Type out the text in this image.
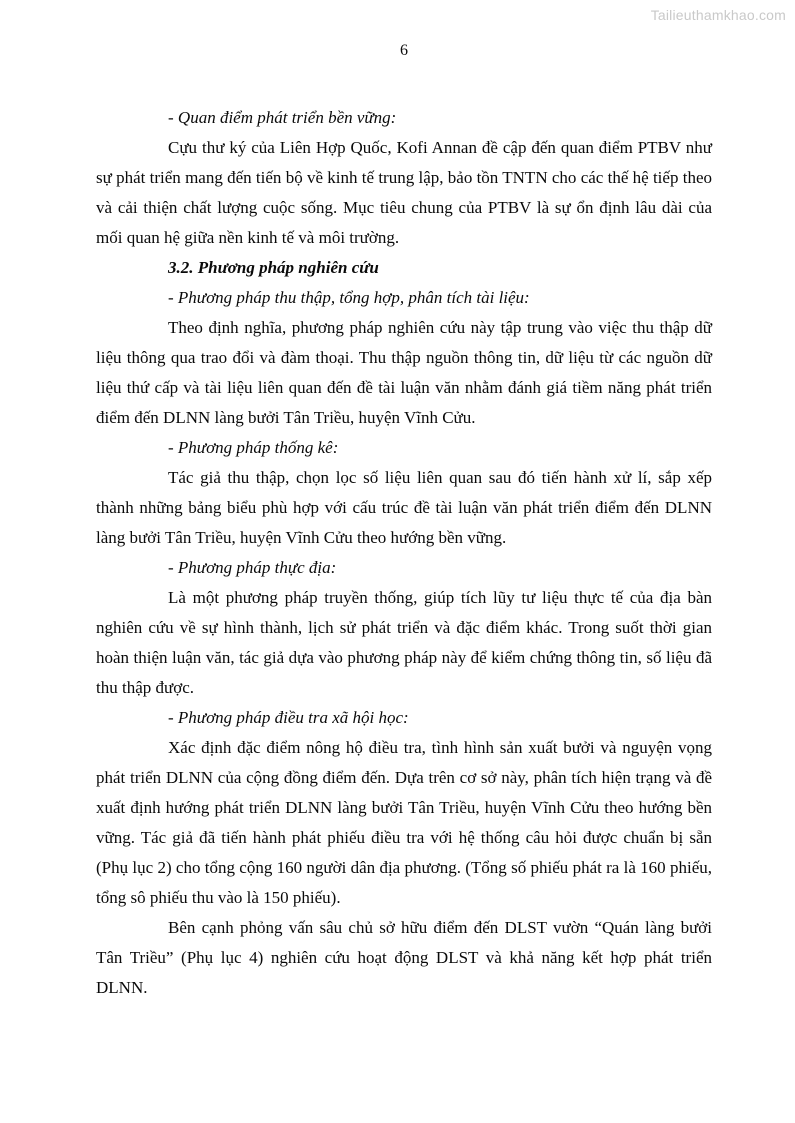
Tailieuthamkhao.com
6

- Quan điểm phát triển bền vững:

Cựu thư ký của Liên Hợp Quốc, Kofi Annan đề cập đến quan điểm PTBV như sự phát triển mang đến tiến bộ về kinh tế trung lập, bảo tồn TNTN cho các thế hệ tiếp theo và cải thiện chất lượng cuộc sống. Mục tiêu chung của PTBV là sự ổn định lâu dài của mối quan hệ giữa nền kinh tế và môi trường.

3.2. Phương pháp nghiên cứu

- Phương pháp thu thập, tổng hợp, phân tích tài liệu:

Theo định nghĩa, phương pháp nghiên cứu này tập trung vào việc thu thập dữ liệu thông qua trao đổi và đàm thoại. Thu thập nguồn thông tin, dữ liệu từ các nguồn dữ liệu thứ cấp và tài liệu liên quan đến đề tài luận văn nhằm đánh giá tiềm năng phát triển điểm đến DLNN làng bưởi Tân Triều, huyện Vĩnh Cửu.

- Phương pháp thống kê:

Tác giả thu thập, chọn lọc số liệu liên quan sau đó tiến hành xử lí, sắp xếp thành những bảng biểu phù hợp với cấu trúc đề tài luận văn phát triển điểm đến DLNN làng bưởi Tân Triều, huyện Vĩnh Cửu theo hướng bền vững.

- Phương pháp thực địa:

Là một phương pháp truyền thống, giúp tích lũy tư liệu thực tế của địa bàn nghiên cứu về sự hình thành, lịch sử phát triển và đặc điểm khác. Trong suốt thời gian hoàn thiện luận văn, tác giả dựa vào phương pháp này để kiểm chứng thông tin, số liệu đã thu thập được.

- Phương pháp điều tra xã hội học:

Xác định đặc điểm nông hộ điều tra, tình hình sản xuất bưởi và nguyện vọng phát triển DLNN của cộng đồng điểm đến. Dựa trên cơ sở này, phân tích hiện trạng và đề xuất định hướng phát triển DLNN làng bưởi Tân Triều, huyện Vĩnh Cửu theo hướng bền vững. Tác giả đã tiến hành phát phiếu điều tra với hệ thống câu hỏi được chuẩn bị sẵn (Phụ lục 2) cho tổng cộng 160 người dân địa phương. (Tổng số phiếu phát ra là 160 phiếu, tổng sô phiếu thu vào là 150 phiếu).

Bên cạnh phỏng vấn sâu chủ sở hữu điểm đến DLST vườn “Quán làng bưởi Tân Triều” (Phụ lục 4) nghiên cứu hoạt động DLST và khả năng kết hợp phát triển DLNN.
